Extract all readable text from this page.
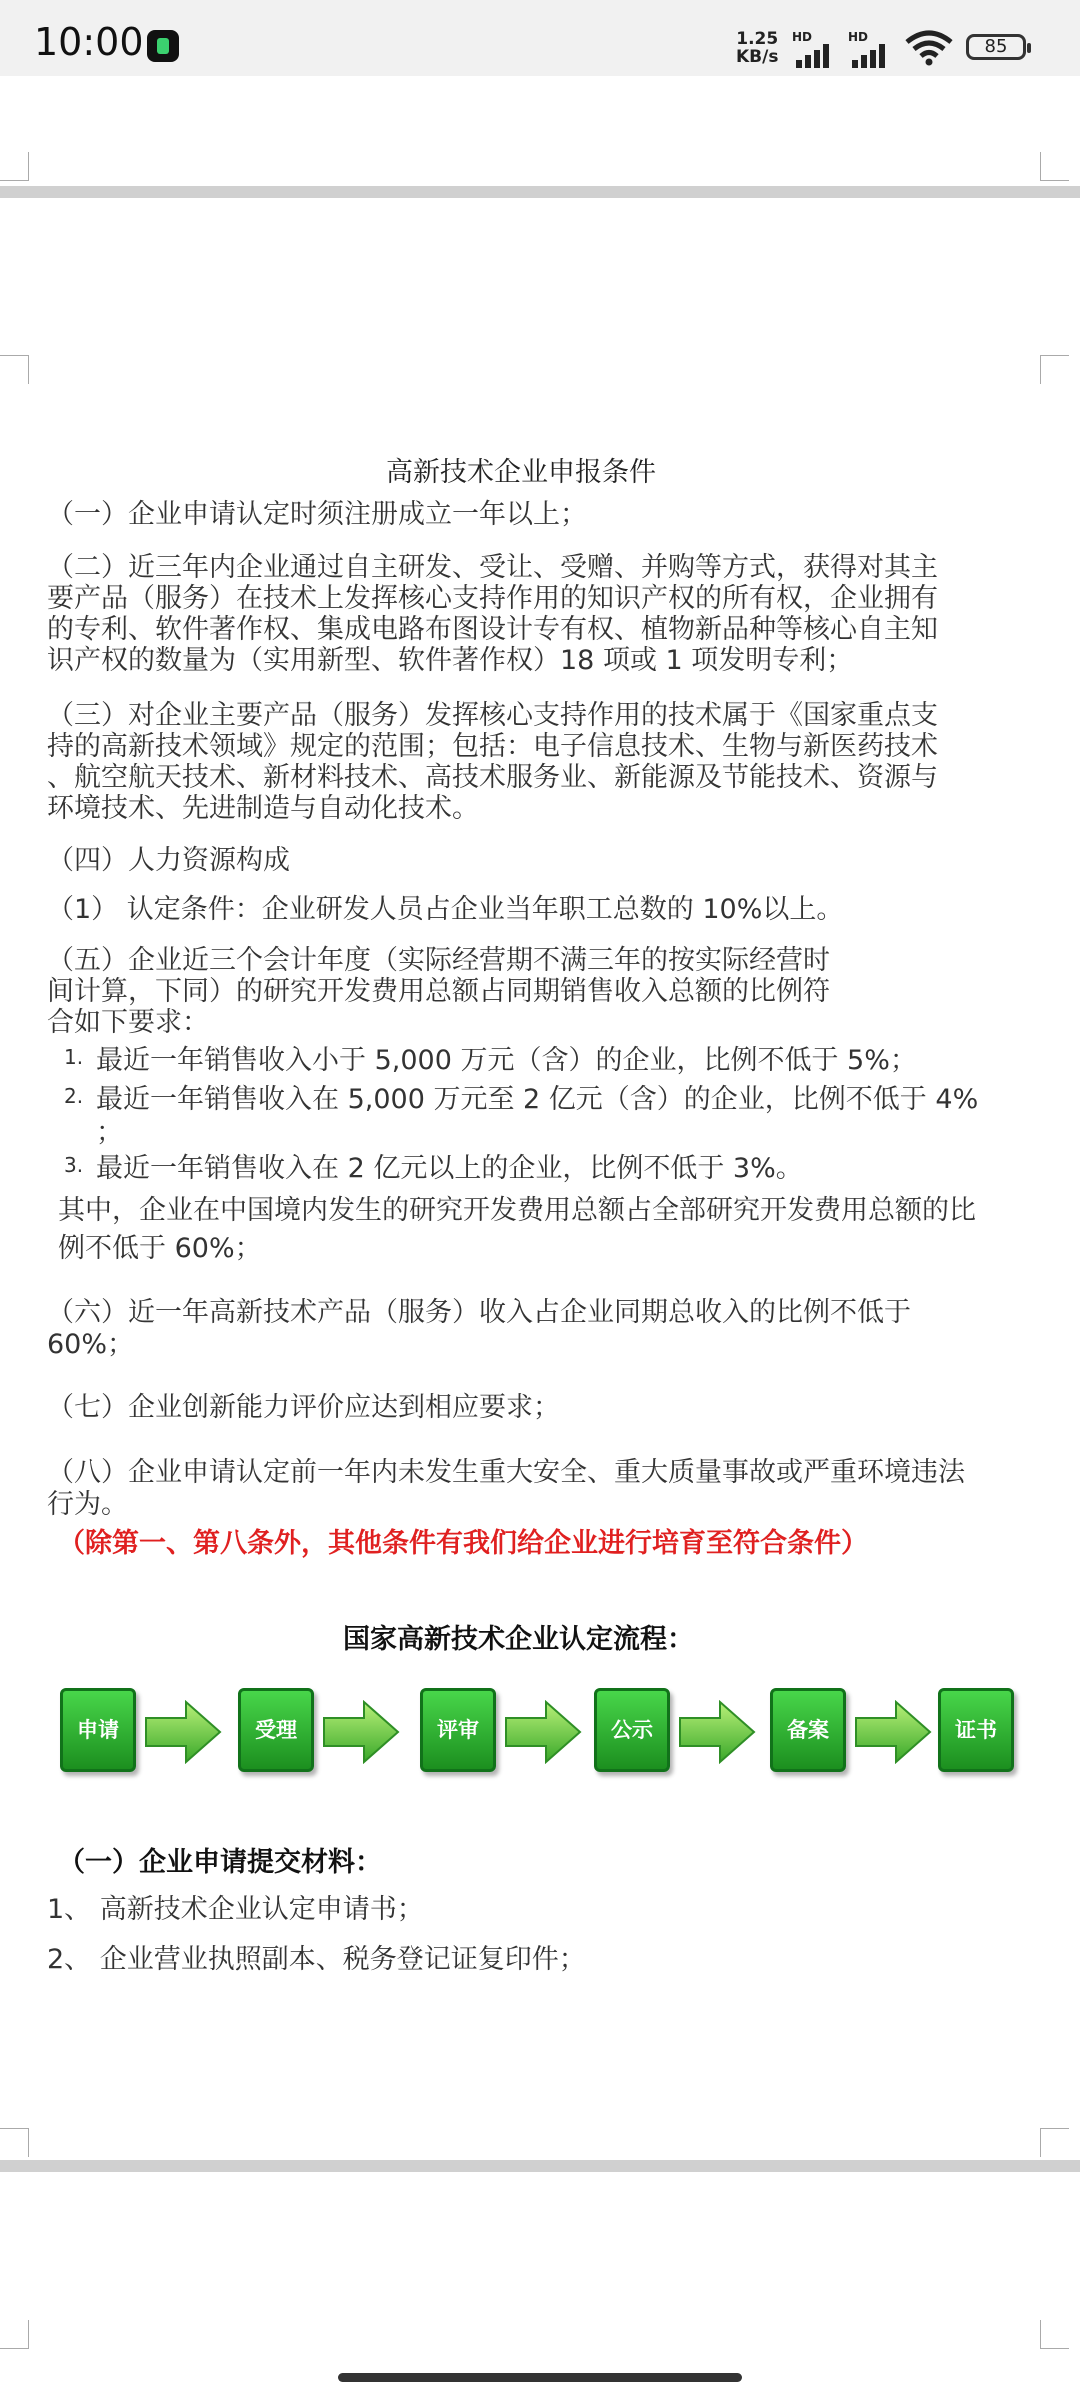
10:00	1.25
KB/s
HD	HD	85
高新技术企业申报条件
（一）企业申请认定时须注册成立一年以上；
（二）近三年内企业通过自主研发、受让、受赠、并购等方式，获得对其主
要产品（服务）在技术上发挥核心支持作用的知识产权的所有权，企业拥有
的专利、软件著作权、集成电路布图设计专有权、植物新品种等核心自主知
识产权的数量为（实用新型、软件著作权）18 项或 1 项发明专利；
（三）对企业主要产品（服务）发挥核心支持作用的技术属于《国家重点支
持的高新技术领域》规定的范围；包括：电子信息技术、生物与新医药技术
、航空航天技术、新材料技术、高技术服务业、新能源及节能技术、资源与
环境技术、先进制造与自动化技术。
（四）人力资源构成
（1） 认定条件：企业研发人员占企业当年职工总数的 10%以上。
（五）企业近三个会计年度（实际经营期不满三年的按实际经营时
间计算，下同）的研究开发费用总额占同期销售收入总额的比例符
合如下要求：
1. 最近一年销售收入小于 5,000 万元（含）的企业，比例不低于 5%；
2. 最近一年销售收入在 5,000 万元至 2 亿元（含）的企业，比例不低于 4%
；
3. 最近一年销售收入在 2 亿元以上的企业，比例不低于 3%。
其中，企业在中国境内发生的研究开发费用总额占全部研究开发费用总额的比
例不低于 60%；
（六）近一年高新技术产品（服务）收入占企业同期总收入的比例不低于
60%；
（七）企业创新能力评价应达到相应要求；
（八）企业申请认定前一年内未发生重大安全、重大质量事故或严重环境违法
行为。
（除第一、第八条外，其他条件有我们给企业进行培育至符合条件）
国家高新技术企业认定流程：
申请	受理	评审	公示	备案	证书
（一）企业申请提交材料：
1、 高新技术企业认定申请书；
2、 企业营业执照副本、税务登记证复印件；
